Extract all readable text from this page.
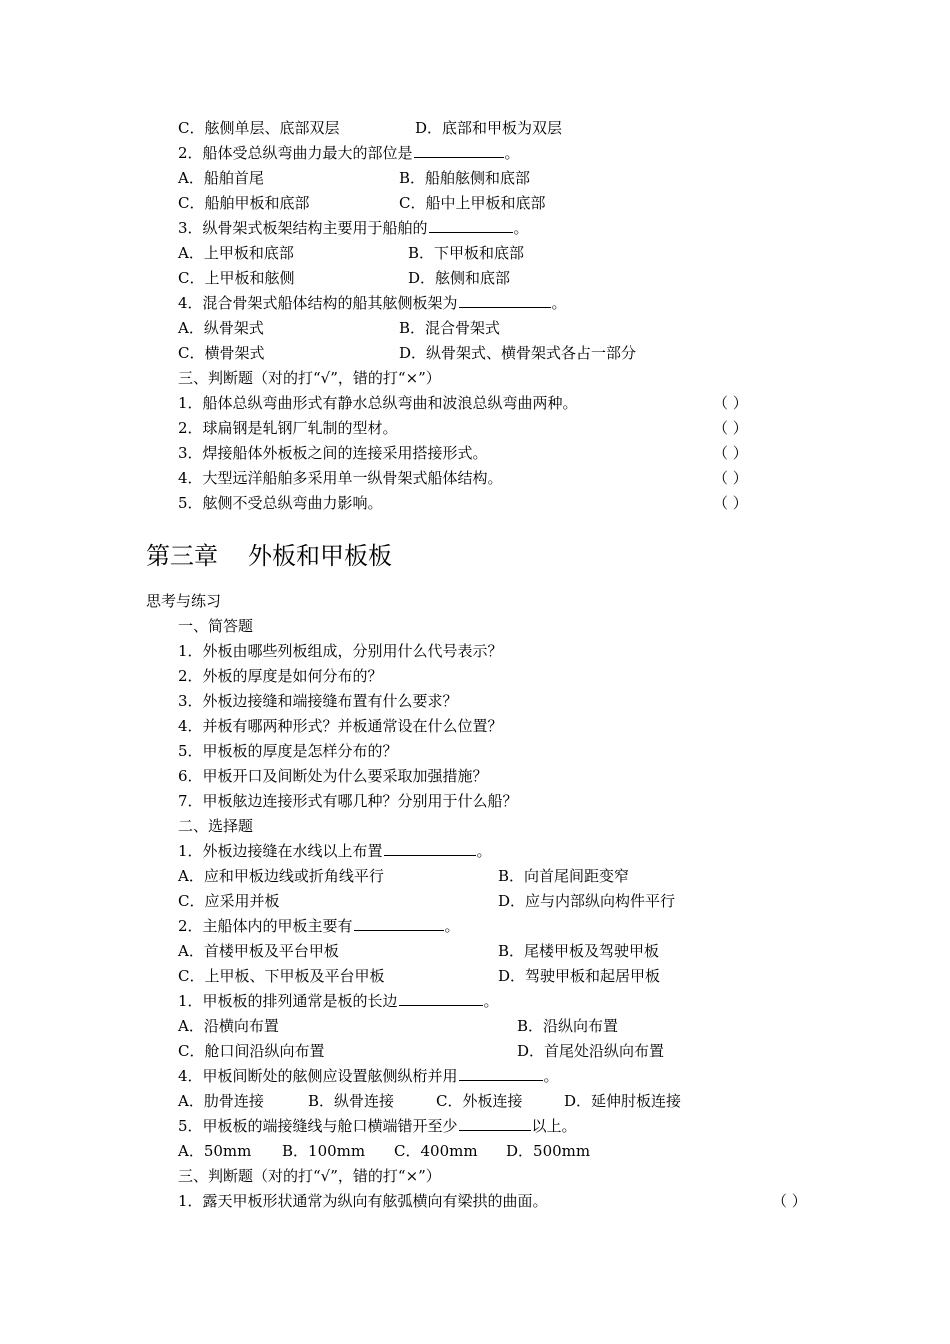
C．舷侧单层、底部双层	D．底部和甲板为双层
2．船体受总纵弯曲力最大的部位是	。
A．船舶首尾	B．船舶舷侧和底部
C．船舶甲板和底部	C．船中上甲板和底部
3．纵骨架式板架结构主要用于船舶的	。
A．上甲板和底部	B．下甲板和底部
C．上甲板和舷侧	D．舷侧和底部
4．混合骨架式船体结构的船其舷侧板架为	。
A．纵骨架式	B．混合骨架式
C．横骨架式	D．纵骨架式、横骨架式各占一部分
三、判断题（对的打“√”，错的打“×”）
1．船体总纵弯曲形式有静水总纵弯曲和波浪总纵弯曲两种。	（ ）
2．球扁钢是轧钢厂轧制的型材。	（ ）
3．焊接船体外板板之间的连接采用搭接形式。	（ ）
4．大型远洋船舶多采用单一纵骨架式船体结构。	（ ）
5．舷侧不受总纵弯曲力影响。	（ ）
第三章 外板和甲板板
思考与练习
一、简答题
1．外板由哪些列板组成，分别用什么代号表示？
2．外板的厚度是如何分布的？
3．外板边接缝和端接缝布置有什么要求？
4．并板有哪两种形式？并板通常设在什么位置？
5．甲板板的厚度是怎样分布的？
6．甲板开口及间断处为什么要采取加强措施？
7．甲板舷边连接形式有哪几种？分别用于什么船？
二、选择题
1．外板边接缝在水线以上布置	。
A．应和甲板边线或折角线平行	B．向首尾间距变窄
C．应采用并板	D．应与内部纵向构件平行
2．主船体内的甲板主要有	。
A．首楼甲板及平台甲板	B．尾楼甲板及驾驶甲板
C．上甲板、下甲板及平台甲板	D．驾驶甲板和起居甲板
1．甲板板的排列通常是板的长边	。
A．沿横向布置	B．沿纵向布置
C．舱口间沿纵向布置	D．首尾处沿纵向布置
4．甲板间断处的舷侧应设置舷侧纵桁并用	。
A．肋骨连接	B．纵骨连接	C．外板连接	D．延伸肘板连接
5．甲板板的端接缝线与舱口横端错开至少	以上。
A．50mm B．100mm C．400mm D．500mm
三、判断题（对的打“√”，错的打“×”）
1．露天甲板形状通常为纵向有舷弧横向有梁拱的曲面。	（ ）
